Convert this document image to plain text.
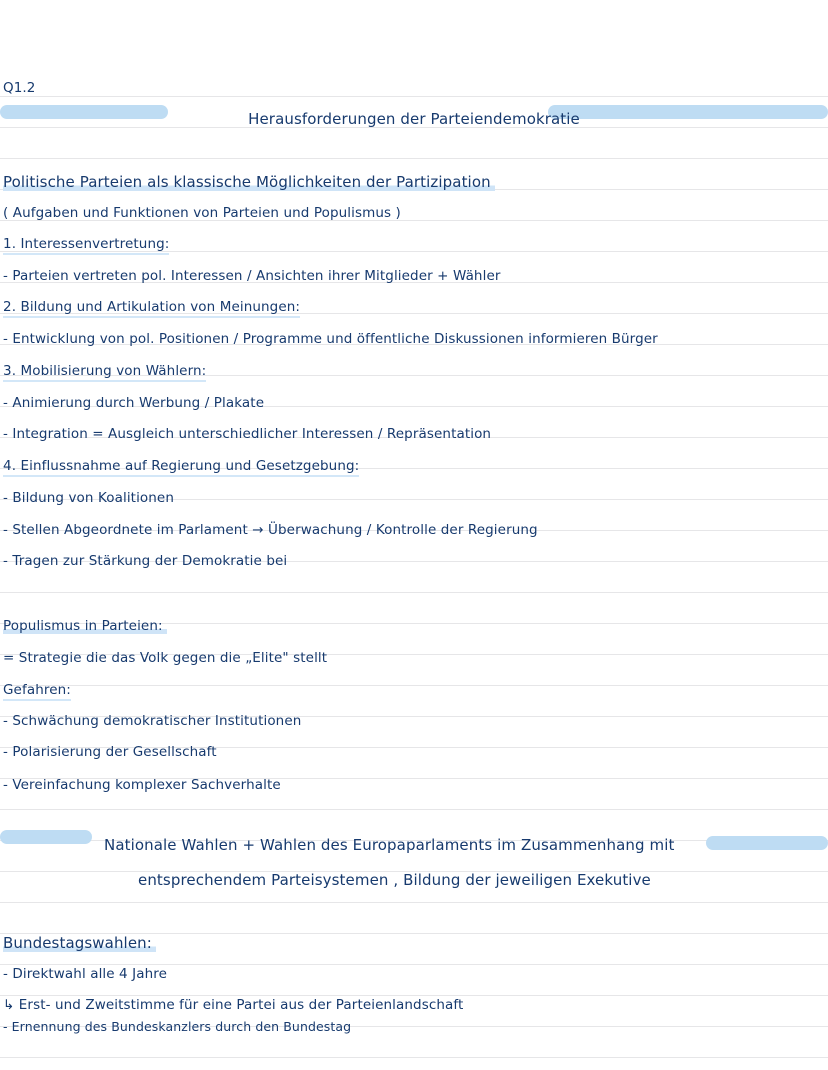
Q1.2
Herausforderungen der Parteiendemokratie
Politische Parteien als klassische Möglichkeiten der Partizipation
( Aufgaben und Funktionen von Parteien und Populismus )
1. Interessenvertretung:
- Parteien vertreten pol. Interessen / Ansichten ihrer Mitglieder + Wähler
2. Bildung und Artikulation von Meinungen:
- Entwicklung von pol. Positionen / Programme und öffentliche Diskussionen informieren Bürger
3. Mobilisierung von Wählern:
- Animierung durch Werbung / Plakate
- Integration = Ausgleich unterschiedlicher Interessen / Repräsentation
4. Einflussnahme auf Regierung und Gesetzgebung:
- Bildung von Koalitionen
- Stellen Abgeordnete im Parlament → Überwachung / Kontrolle der Regierung
- Tragen zur Stärkung der Demokratie bei
Populismus in Parteien:
= Strategie die das Volk gegen die „Elite" stellt
Gefahren:
- Schwächung demokratischer Institutionen
- Polarisierung der Gesellschaft
- Vereinfachung komplexer Sachverhalte
Nationale Wahlen + Wahlen des Europaparlaments im Zusammenhang mit
entsprechendem Parteisystemen , Bildung der jeweiligen Exekutive
Bundestagswahlen:
- Direktwahl alle 4 Jahre
↳ Erst- und Zweitstimme für eine Partei aus der Parteienlandschaft
- Ernennung des Bundeskanzlers durch den Bundestag
